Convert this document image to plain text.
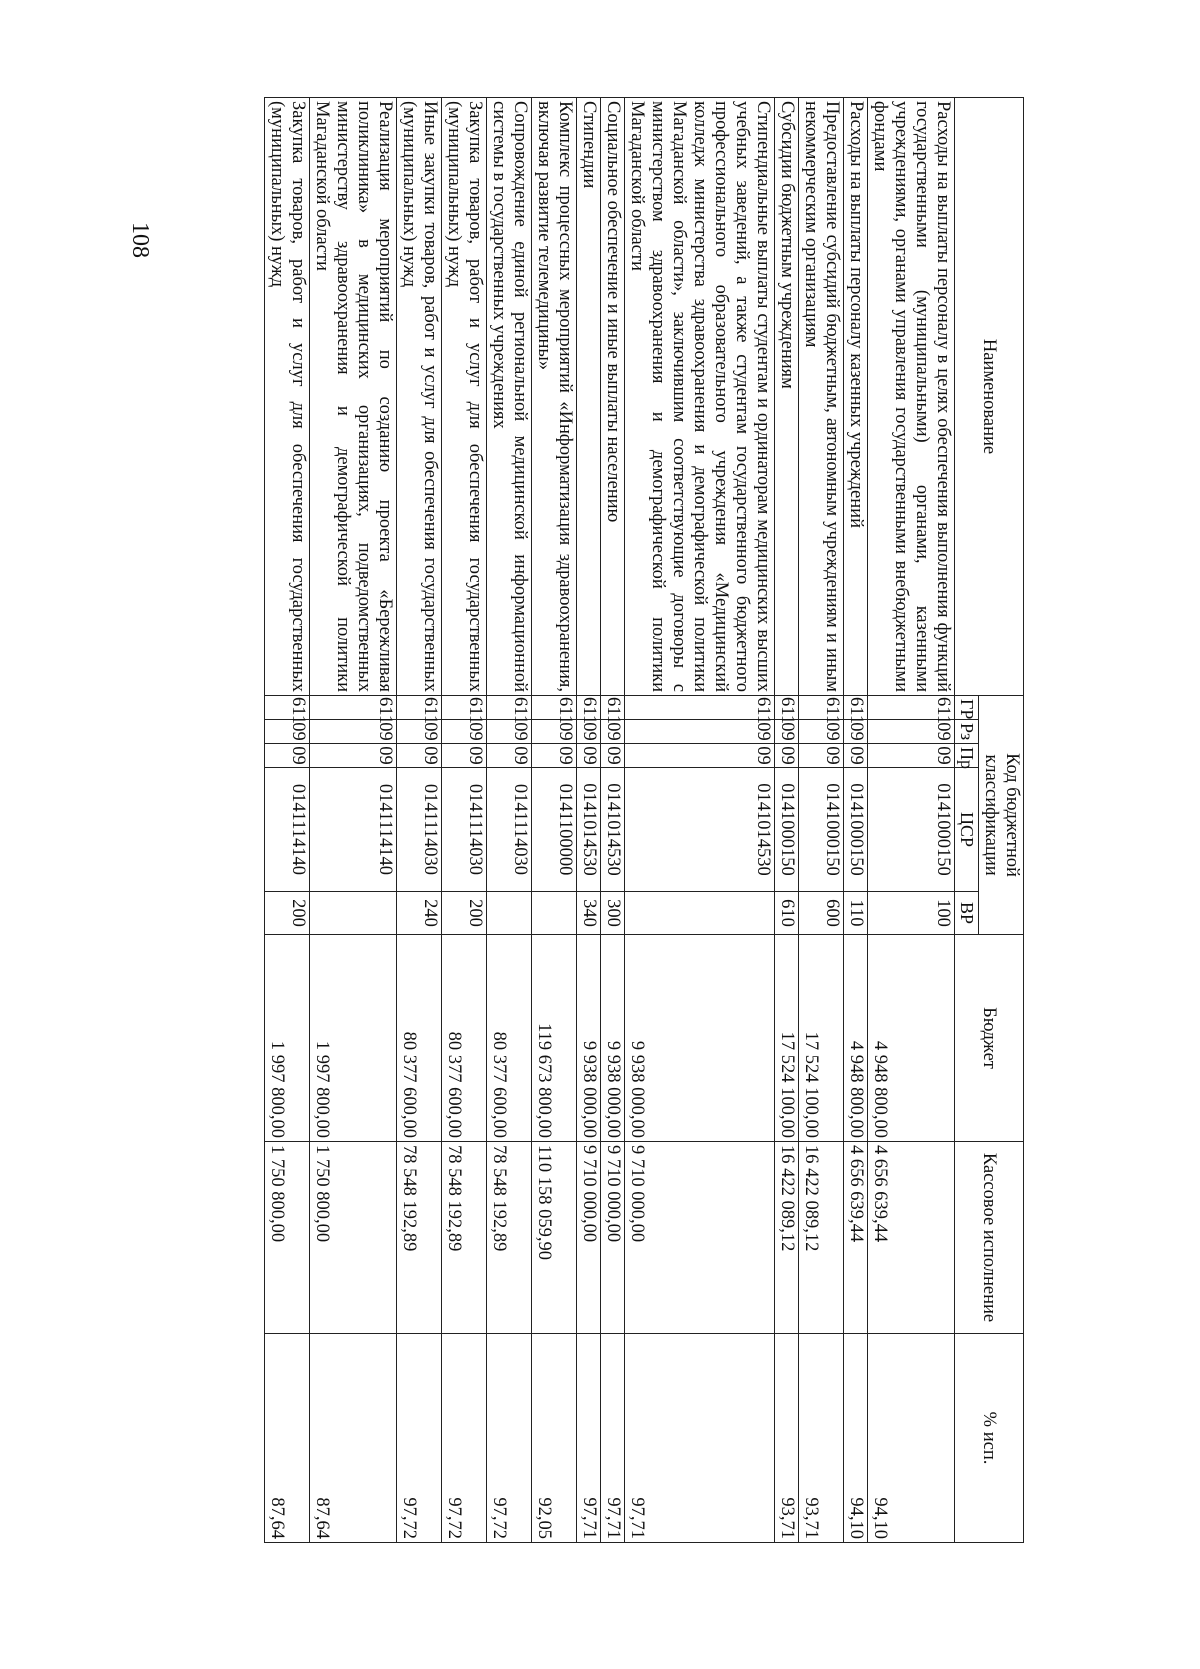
108
Наименование	Код бюджетной классификации					Бюджет	Кассовое исполнение	% исп.
	ГР	Рз	Пр	ЦСР	ВР			
Расходы на выплаты персоналу в целях обеспечения выполнения функций государственными (муниципальными) органами, казенными учреждениями, органами управления государственными внебюджетными фондами	611	09	09	0141000150	100	4 948 800,00	4 656 639,44	94,10
Расходы на выплаты персоналу казенных учреждений	611	09	09	0141000150	110	4 948 800,00	4 656 639,44	94,10
Предоставление субсидий бюджетным, автономным учреждениям и иным некоммерческим организациям	611	09	09	0141000150	600	17 524 100,00	16 422 089,12	93,71
Субсидии бюджетным учреждениям	611	09	09	0141000150	610	17 524 100,00	16 422 089,12	93,71
Стипендиальные выплаты студентам и ординаторам медицинских высших учебных заведений, а также студентам государственного бюджетного профессионального образовательного учреждения «Медицинский колледж министерства здравоохранения и демографической политики Магаданской области», заключившим соответствующие договоры с министерством здравоохранения и демографической политики Магаданской области	611	09	09	0141014530		9 938 000,00	9 710 000,00	97,71
Социальное обеспечение и иные выплаты населению	611	09	09	0141014530	300	9 938 000,00	9 710 000,00	97,71
Стипендии	611	09	09	0141014530	340	9 938 000,00	9 710 000,00	97,71
Комплекс процессных мероприятий «Информатизация здравоохранения, включая развитие телемедицины»	611	09	09	0141100000		119 673 800,00	110 158 059,90	92,05
Сопровождение единой региональной медицинской информационной системы в государственных учреждениях	611	09	09	0141114030		80 377 600,00	78 548 192,89	97,72
Закупка товаров, работ и услуг для обеспечения государственных (муниципальных) нужд	611	09	09	0141114030	200	80 377 600,00	78 548 192,89	97,72
Иные закупки товаров, работ и услуг для обеспечения государственных (муниципальных) нужд	611	09	09	0141114030	240	80 377 600,00	78 548 192,89	97,72
Реализация мероприятий по созданию проекта «Бережливая поликлиника» в медицинских организациях, подведомственных министерству здравоохранения и демографической политики Магаданской области	611	09	09	0141114140		1 997 800,00	1 750 800,00	87,64
Закупка товаров, работ и услуг для обеспечения государственных (муниципальных) нужд	611	09	09	0141114140	200	1 997 800,00	1 750 800,00	87,64
